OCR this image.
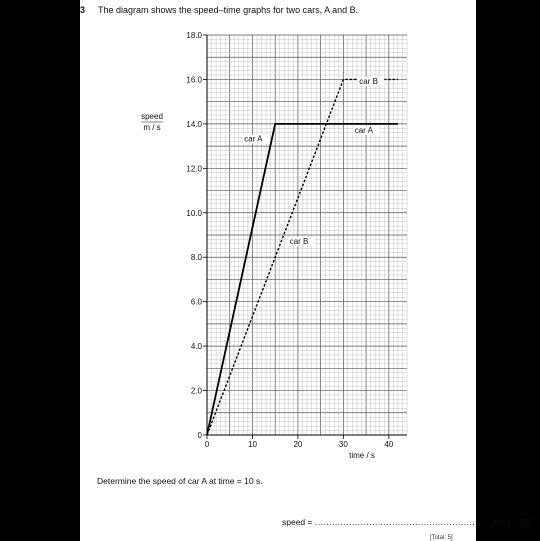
3 The diagram shows the speed–time graphs for two cars, A and B.
0
2.0
4.0
6.0
8.0
10.0
12.0
14.0
16.0
18.0
0	10	20	30	40
speed
m / s
time / s
car A
car A
car B
car B
Determine the speed of car A at time = 10 s.
speed = ..............................................................m / s [2]
[Total: 5]
